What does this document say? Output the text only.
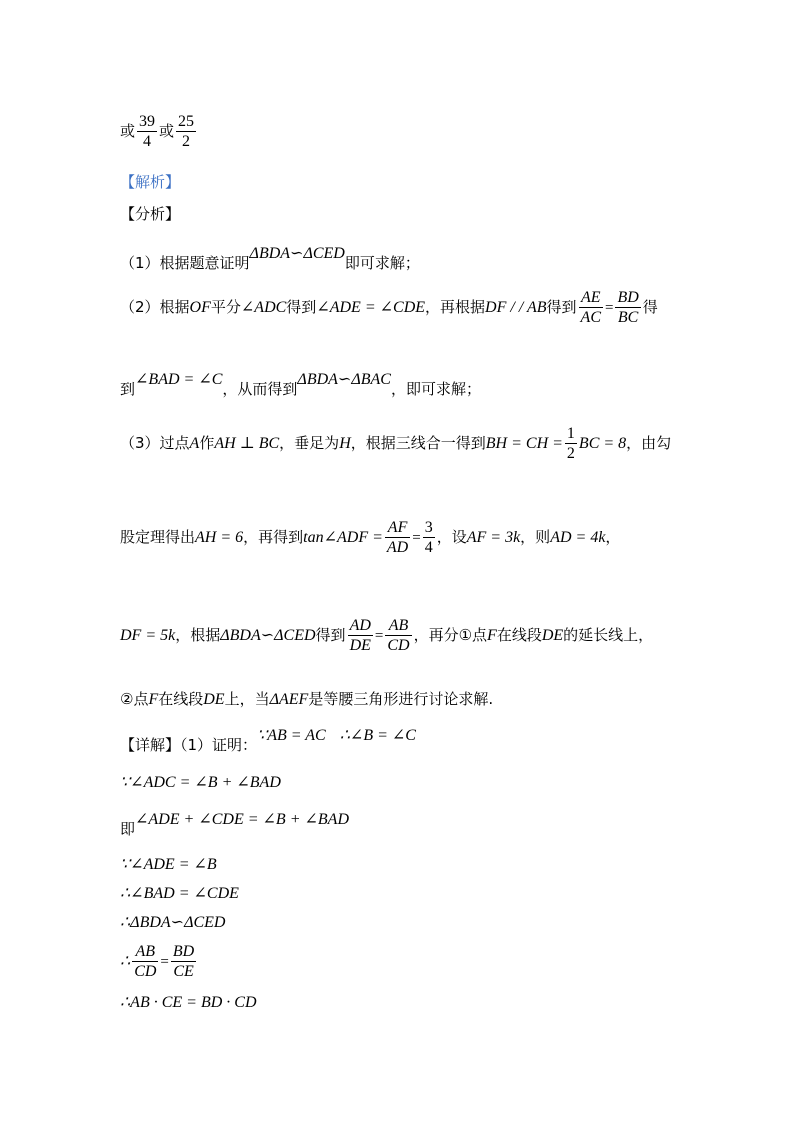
或 $\frac{39}{4}$ 或 $\frac{25}{2}$
【解析】
【分析】
（1）根据题意证明ΔBDA∽ΔCED即可求解；
（2）根据OF平分∠ADC得到∠ADE = ∠CDE，再根据DF / / AB得到 $\frac{AE}{AC} = \frac{BD}{BC}$ 得
到∠BAD = ∠C，从而得到ΔBDA∽ΔBAC，即可求解；
（3）过点A作AH ⊥ BC，垂足为H，根据三线合一得到BH = CH = $\frac{1}{2}$ BC = 8，由勾
股定理得出AH = 6，再得到tan∠ADF = $\frac{AF}{AD} = \frac{3}{4}$ ，设AF = 3k，则AD = 4k，
DF = 5k，根据ΔBDA∽ΔCED得到 $\frac{AD}{DE} = \frac{AB}{CD}$ ，再分①点F在线段DE的延长线上，
②点F在线段DE上，当ΔAEF是等腰三角形进行讨论求解.
【详解】（1）证明：∵AB = AC ∴∠B = ∠C
∵∠ADC = ∠B + ∠BAD
即∠ADE + ∠CDE = ∠B + ∠BAD
∵∠ADE = ∠B
∴∠BAD = ∠CDE
∴ΔBDA∽ΔCED
∴ $\frac{AB}{CD} = \frac{BD}{CE}$
∴AB · CE = BD · CD
